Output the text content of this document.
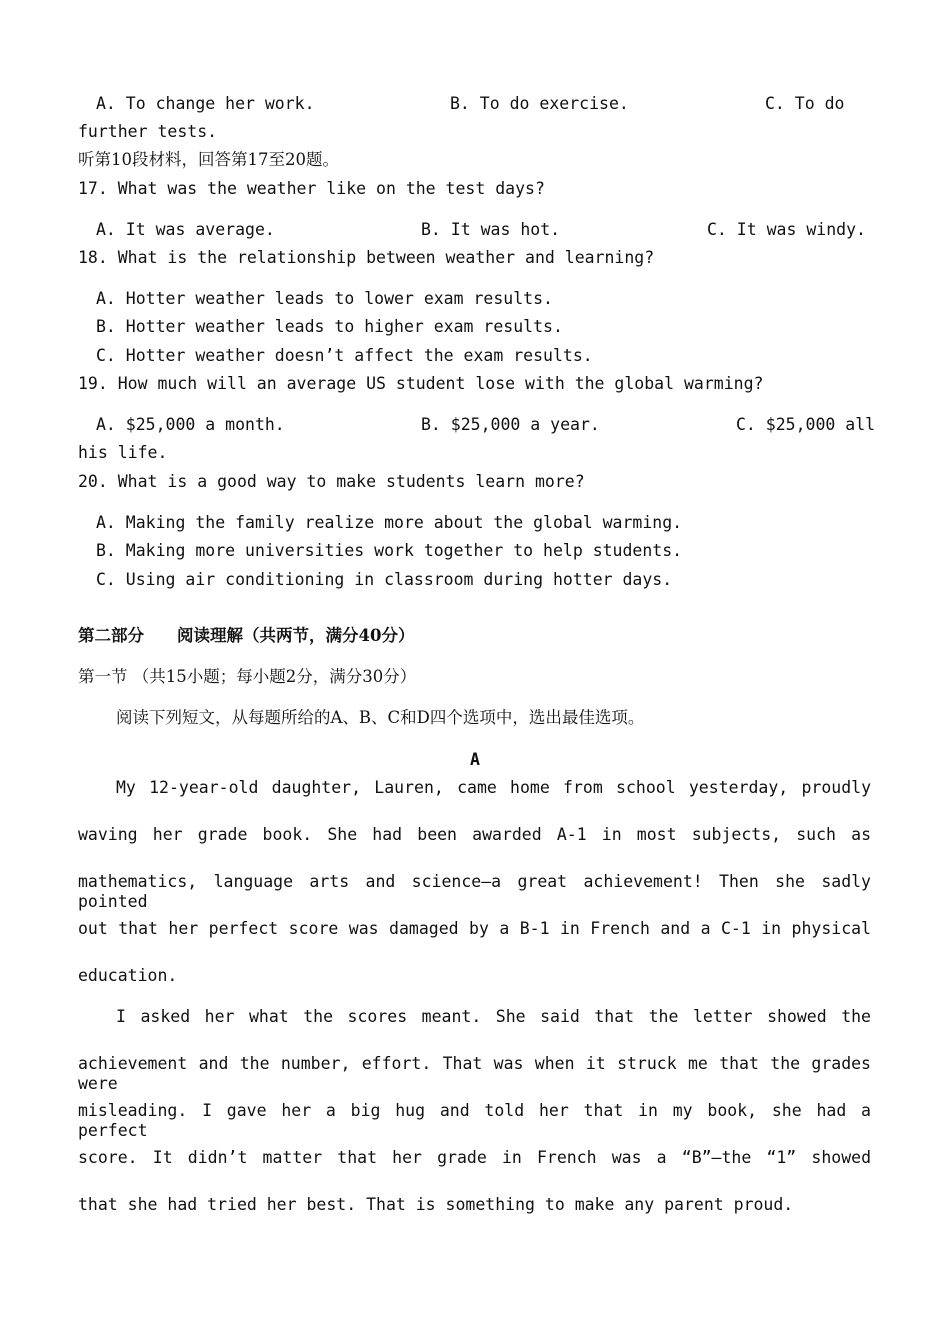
A. To change her work.	B. To do exercise.	C. To do
further tests.
听第10段材料，回答第17至20题。
17. What was the weather like on the test days?
A. It was average.	B. It was hot.	C. It was windy.
18. What is the relationship between weather and learning?
A. Hotter weather leads to lower exam results.
B. Hotter weather leads to higher exam results.
C. Hotter weather doesn’t affect the exam results.
19. How much will an average US student lose with the global warming?
A. $25,000 a month.	B. $25,000 a year.	C. $25,000 all
his life.
20. What is a good way to make students learn more?
A. Making the family realize more about the global warming.
B. Making more universities work together to help students.
C. Using air conditioning in classroom during hotter days.
第二部分　　阅读理解（共两节，满分40分）
第一节 （共15小题；每小题2分，满分30分）
阅读下列短文，从每题所给的A、B、C和D四个选项中，选出最佳选项。
A
My 12-year-old daughter, Lauren, came home from school yesterday, proudly
waving her grade book. She had been awarded A-1 in most subjects, such as
mathematics, language arts and science—a great achievement! Then she sadly pointed
out that her perfect score was damaged by a B-1 in French and a C-1 in physical
education.
I asked her what the scores meant. She said that the letter showed the
achievement and the number, effort. That was when it struck me that the grades were
misleading. I gave her a big hug and told her that in my book, she had a perfect
score. It didn’t matter that her grade in French was a “B”—the “1” showed
that she had tried her best. That is something to make any parent proud.
